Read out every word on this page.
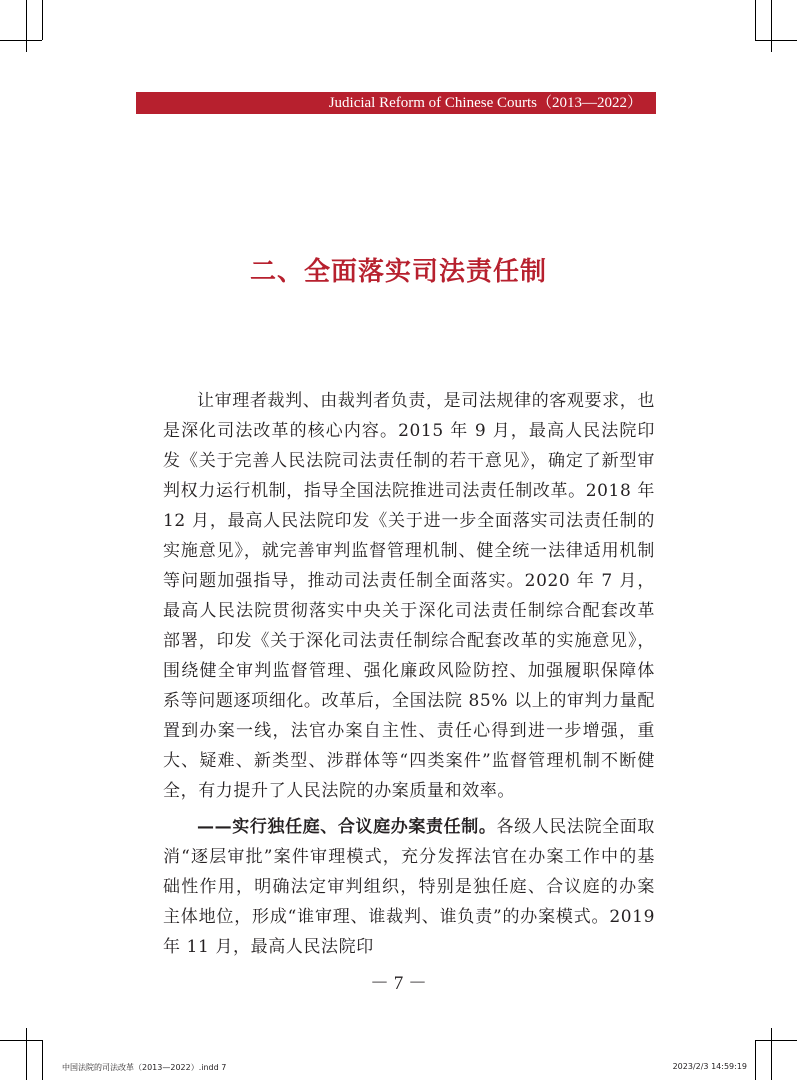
Judicial Reform of Chinese Courts（2013—2022）
二、全面落实司法责任制

让审理者裁判、由裁判者负责，是司法规律的客观要求，也是深化司法改革的核心内容。2015 年 9 月，最高人民法院印发《关于完善人民法院司法责任制的若干意见》，确定了新型审判权力运行机制，指导全国法院推进司法责任制改革。2018 年 12 月，最高人民法院印发《关于进一步全面落实司法责任制的实施意见》，就完善审判监督管理机制、健全统一法律适用机制等问题加强指导，推动司法责任制全面落实。2020 年 7 月，最高人民法院贯彻落实中央关于深化司法责任制综合配套改革部署，印发《关于深化司法责任制综合配套改革的实施意见》，围绕健全审判监督管理、强化廉政风险防控、加强履职保障体系等问题逐项细化。改革后，全国法院 85% 以上的审判力量配置到办案一线，法官办案自主性、责任心得到进一步增强，重大、疑难、新类型、涉群体等“四类案件”监督管理机制不断健全，有力提升了人民法院的办案质量和效率。

——实行独任庭、合议庭办案责任制。各级人民法院全面取消“逐层审批”案件审理模式，充分发挥法官在办案工作中的基础性作用，明确法定审判组织，特别是独任庭、合议庭的办案主体地位，形成“谁审理、谁裁判、谁负责”的办案模式。2019 年 11 月，最高人民法院印

－ 7 －
中国法院的司法改革（2013—2022）.indd 7	2023/2/3 14:59:19
